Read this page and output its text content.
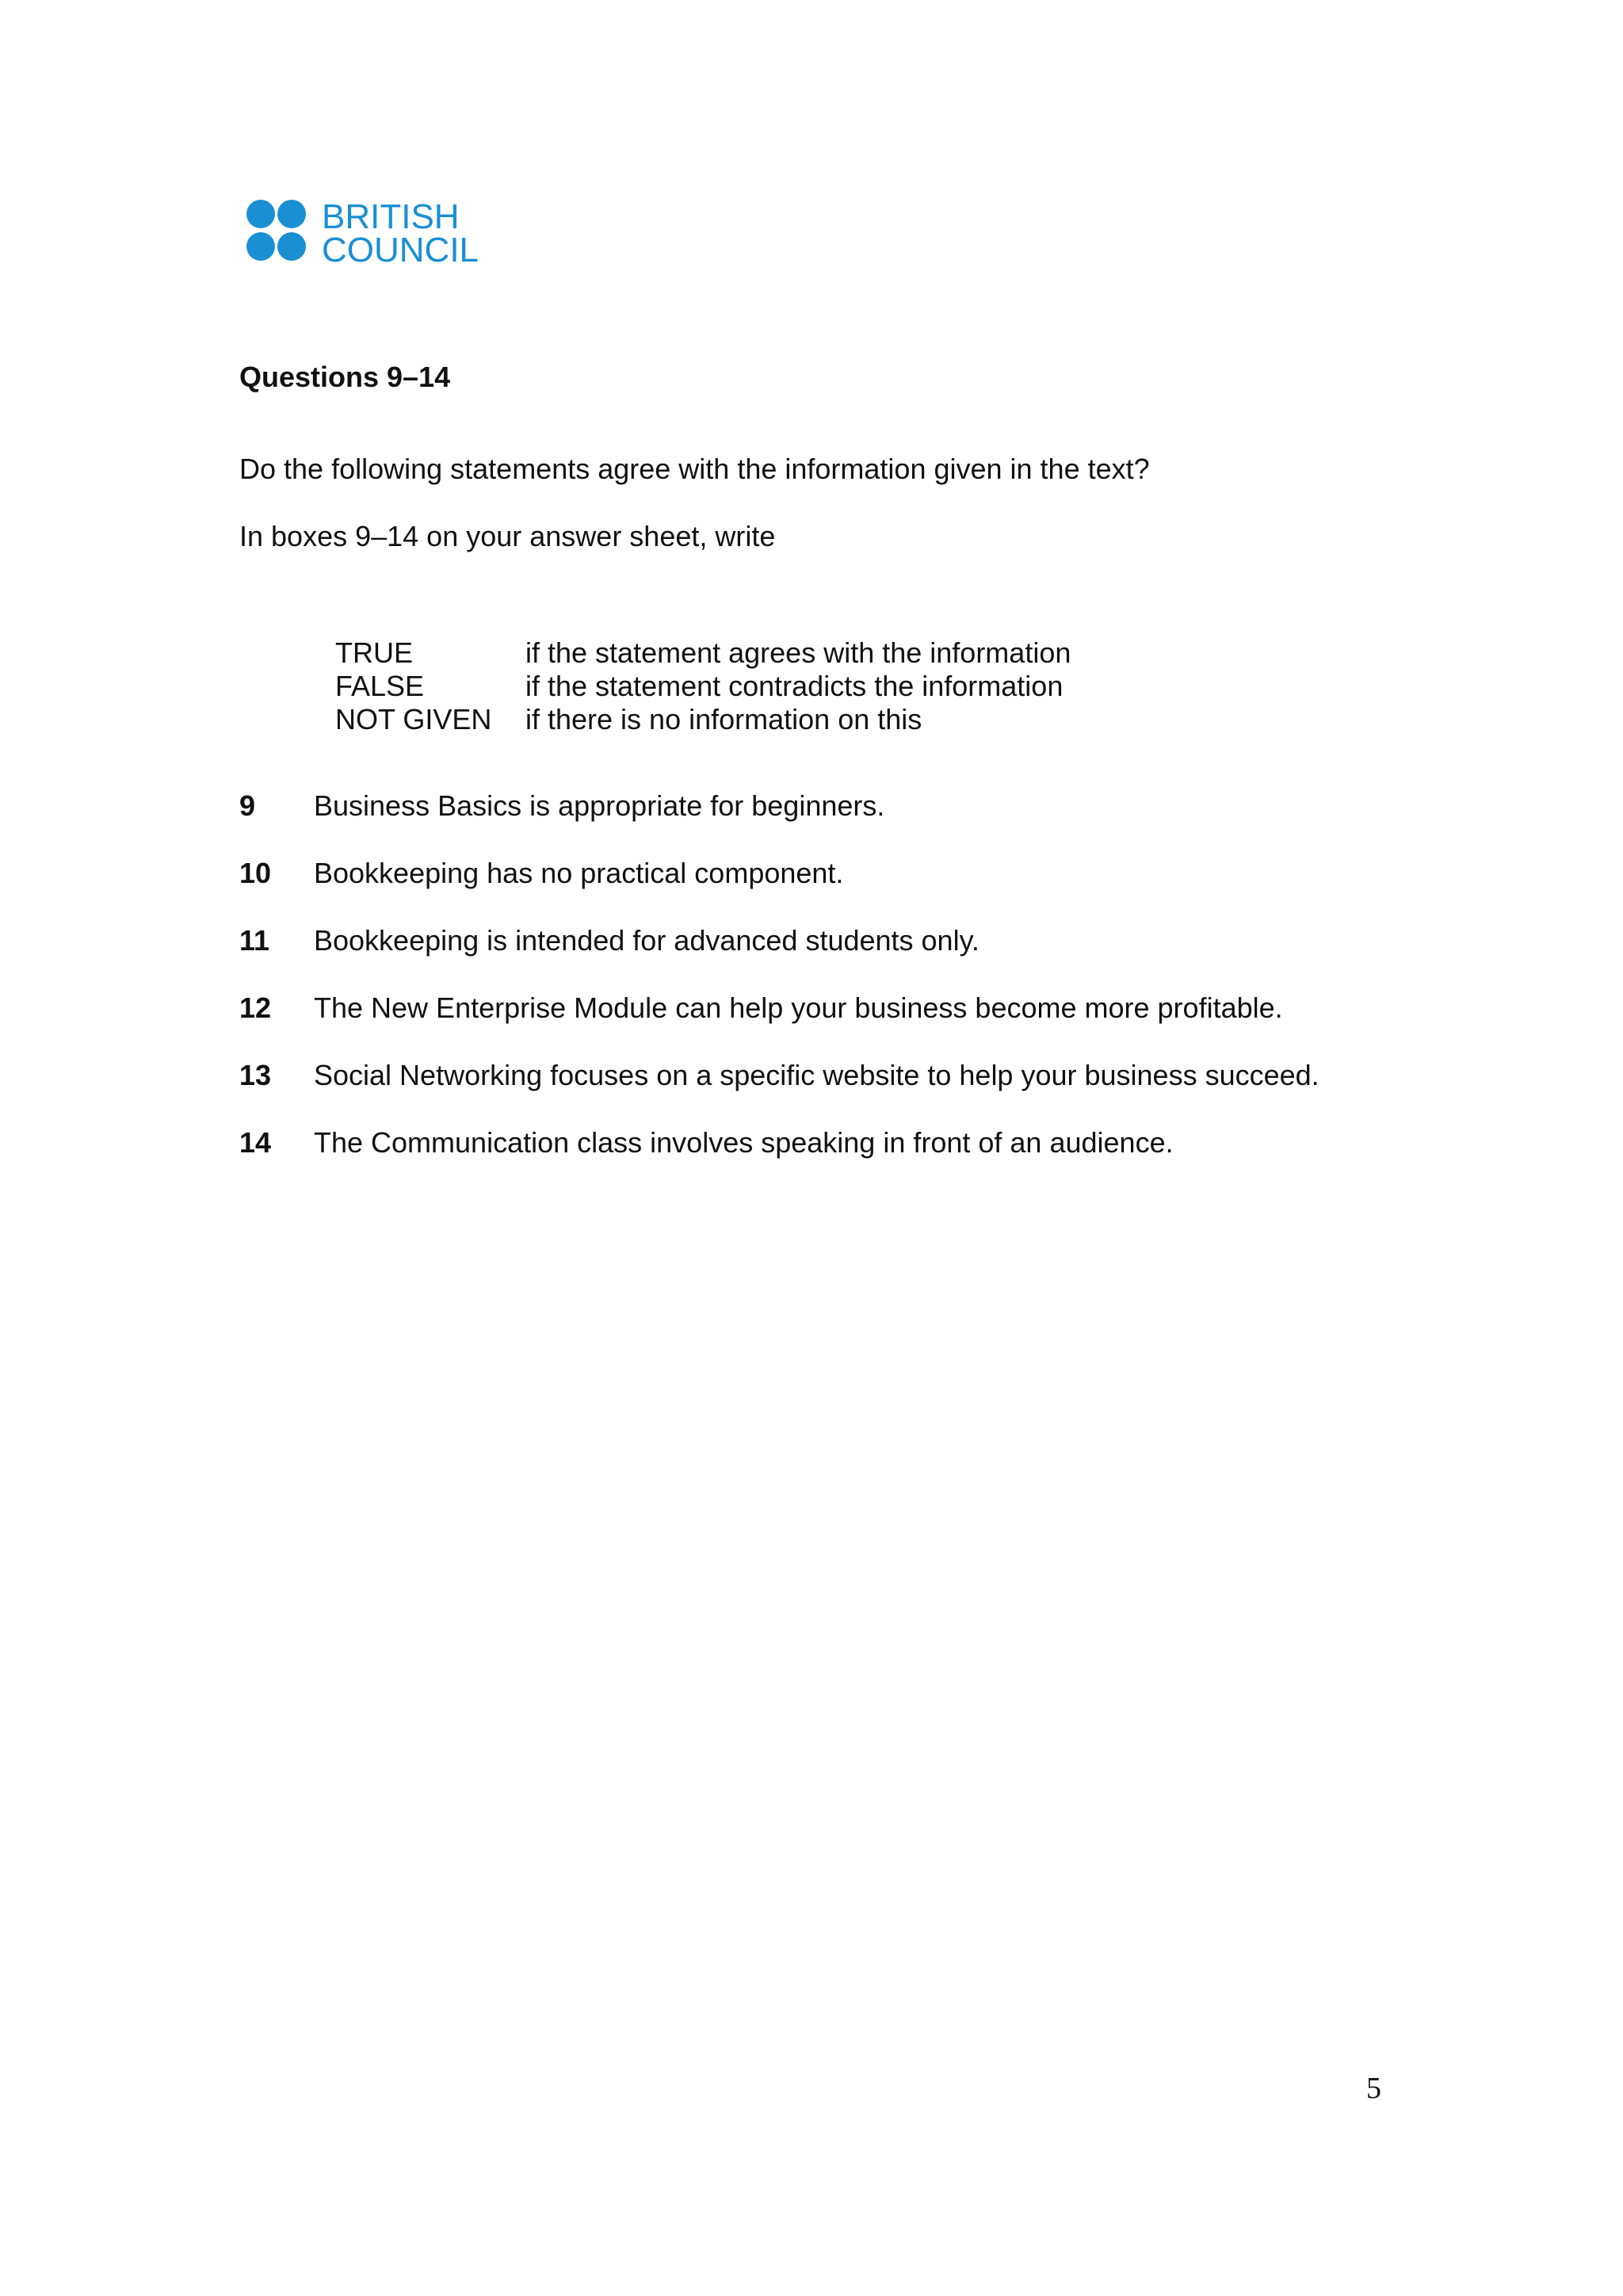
BRITISH
COUNCIL
Questions 9–14
Do the following statements agree with the information given in the text?
In boxes 9–14 on your answer sheet, write
TRUE	if the statement agrees with the information
FALSE	if the statement contradicts the information
NOT GIVEN	if there is no information on this
9	Business Basics is appropriate for beginners.
10	Bookkeeping has no practical component.
11	Bookkeeping is intended for advanced students only.
12	The New Enterprise Module can help your business become more profitable.
13	Social Networking focuses on a specific website to help your business succeed.
14	The Communication class involves speaking in front of an audience.
5
